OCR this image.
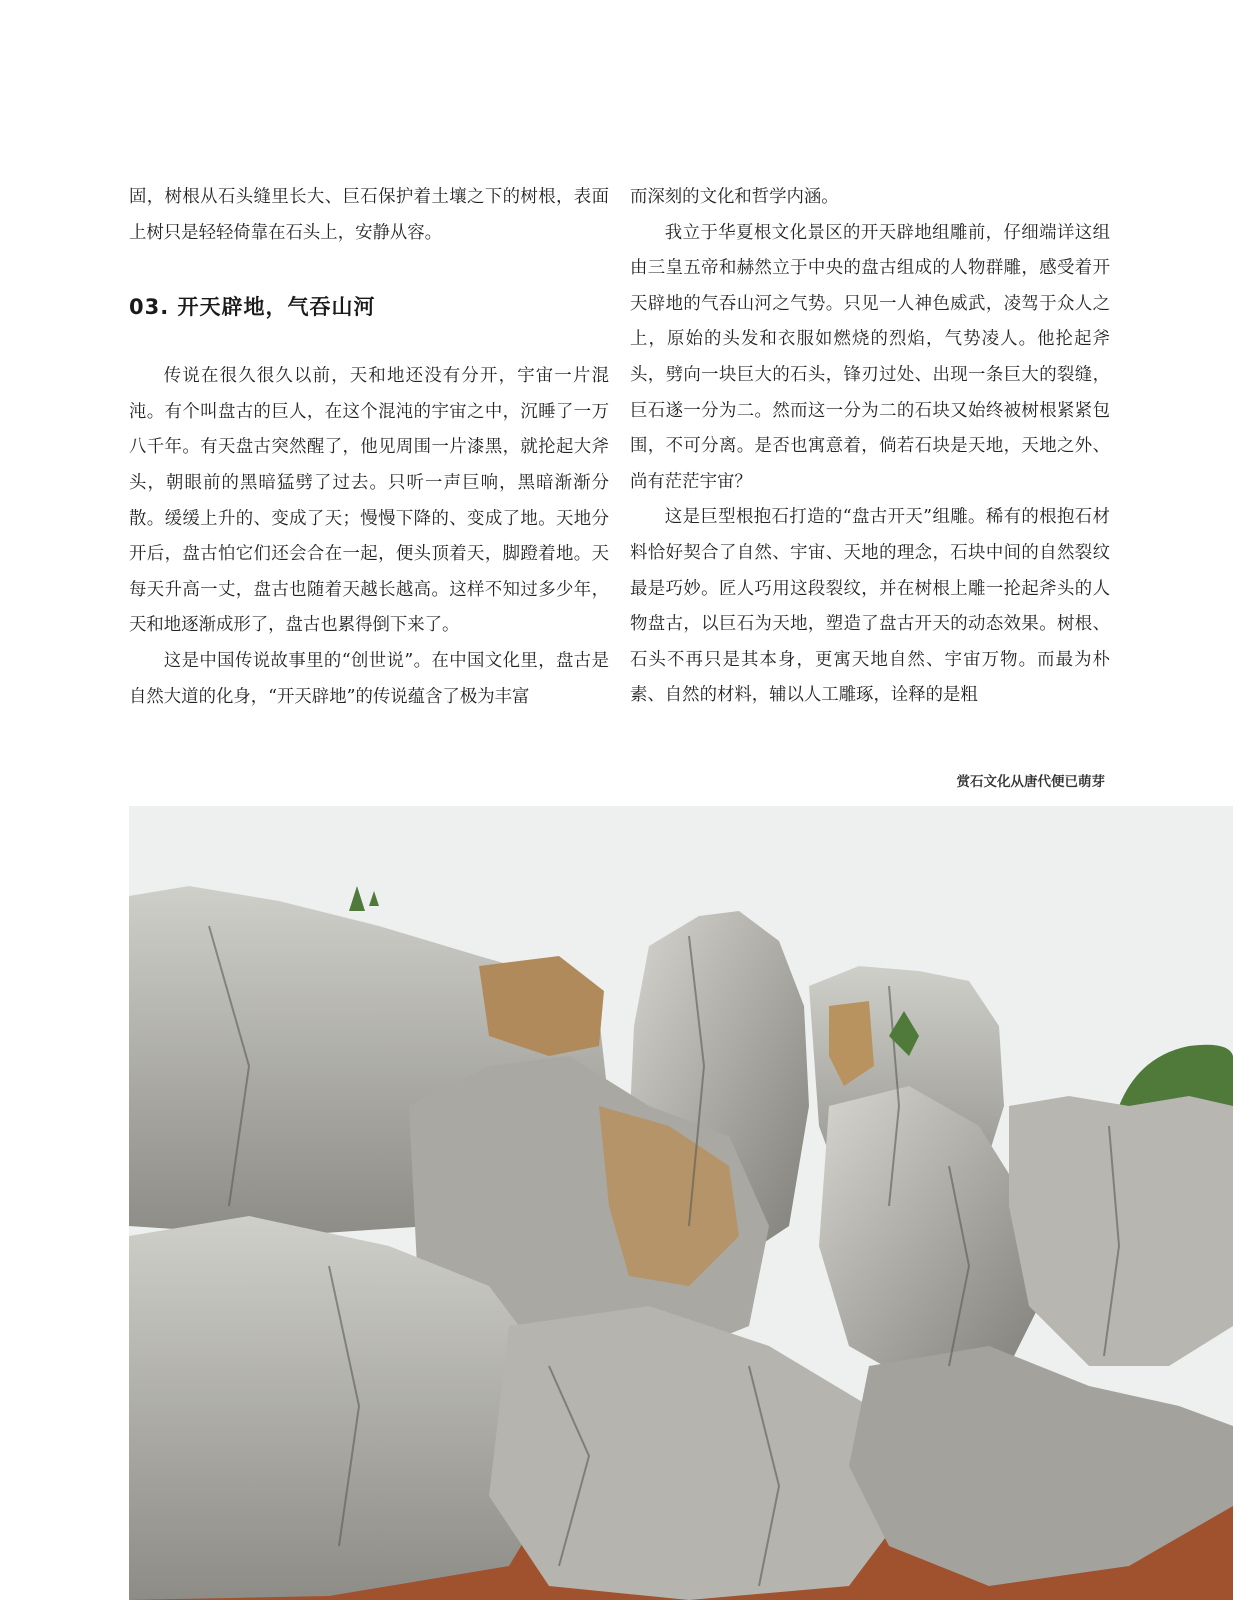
固，树根从石头缝里长大、巨石保护着土壤之下的树根，表面上树只是轻轻倚靠在石头上，安静从容。

03. 开天辟地，气吞山河

传说在很久很久以前，天和地还没有分开，宇宙一片混沌。有个叫盘古的巨人，在这个混沌的宇宙之中，沉睡了一万八千年。有天盘古突然醒了，他见周围一片漆黑，就抡起大斧头，朝眼前的黑暗猛劈了过去。只听一声巨响，黑暗渐渐分散。缓缓上升的、变成了天；慢慢下降的、变成了地。天地分开后，盘古怕它们还会合在一起，便头顶着天，脚蹬着地。天每天升高一丈，盘古也随着天越长越高。这样不知过多少年，天和地逐渐成形了，盘古也累得倒下来了。

这是中国传说故事里的“创世说”。在中国文化里，盘古是自然大道的化身，“开天辟地”的传说蕴含了极为丰富

而深刻的文化和哲学内涵。

我立于华夏根文化景区的开天辟地组雕前，仔细端详这组由三皇五帝和赫然立于中央的盘古组成的人物群雕，感受着开天辟地的气吞山河之气势。只见一人神色威武，凌驾于众人之上，原始的头发和衣服如燃烧的烈焰，气势凌人。他抡起斧头，劈向一块巨大的石头，锋刃过处、出现一条巨大的裂缝，巨石遂一分为二。然而这一分为二的石块又始终被树根紧紧包围，不可分离。是否也寓意着，倘若石块是天地，天地之外、尚有茫茫宇宙？

这是巨型根抱石打造的“盘古开天”组雕。稀有的根抱石材料恰好契合了自然、宇宙、天地的理念，石块中间的自然裂纹最是巧妙。匠人巧用这段裂纹，并在树根上雕一抡起斧头的人物盘古，以巨石为天地，塑造了盘古开天的动态效果。树根、石头不再只是其本身，更寓天地自然、宇宙万物。而最为朴素、自然的材料，辅以人工雕琢，诠释的是粗

赏石文化从唐代便已萌芽
